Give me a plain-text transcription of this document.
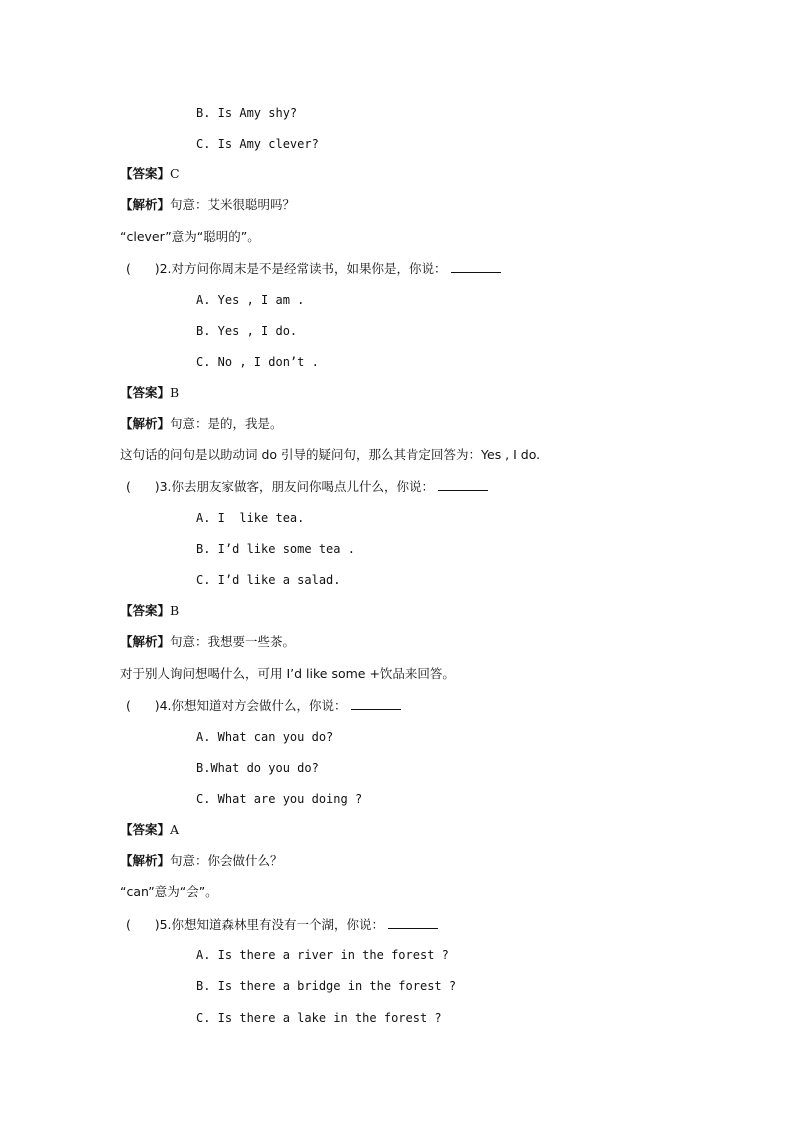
B. Is Amy shy?
C. Is Amy clever?
【答案】C
【解析】句意：艾米很聪明吗？
“clever”意为“聪明的”。
(      )2.对方问你周末是不是经常读书，如果你是，你说：
A. Yes , I am .
B. Yes , I do.
C. No , I don’t .
【答案】B
【解析】句意：是的，我是。
这句话的问句是以助动词 do 引导的疑问句，那么其肯定回答为：Yes , I do.
(      )3.你去朋友家做客，朋友问你喝点儿什么，你说：
A. I  like tea.
B. I’d like some tea .
C. I’d like a salad.
【答案】B
【解析】句意：我想要一些茶。
对于别人询问想喝什么，可用 I’d like some +饮品来回答。
(      )4.你想知道对方会做什么，你说：
A. What can you do?
B.What do you do?
C. What are you doing ?
【答案】A
【解析】句意：你会做什么？
“can”意为“会”。
(      )5.你想知道森林里有没有一个湖，你说：
A. Is there a river in the forest ?
B. Is there a bridge in the forest ?
C. Is there a lake in the forest ?
